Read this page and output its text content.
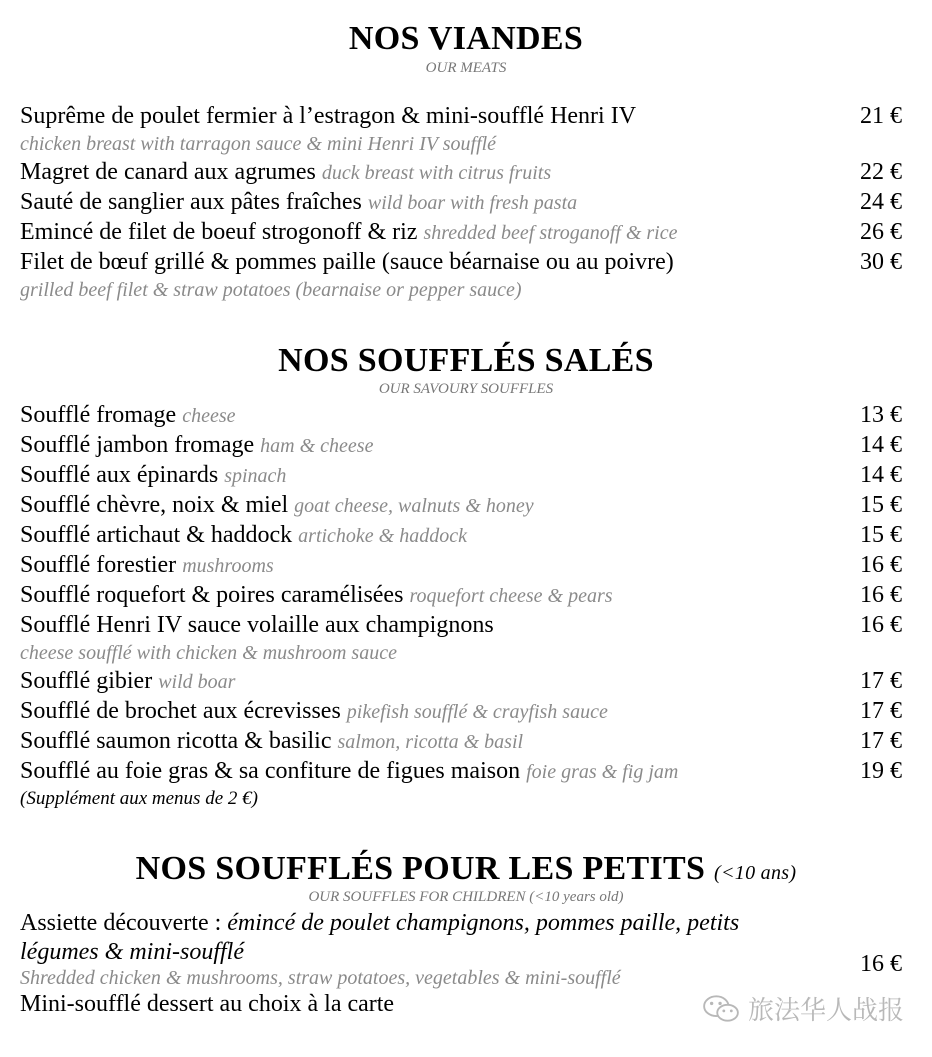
NOS VIANDES
OUR MEATS
Suprême de poulet fermier à l’estragon & mini-soufflé Henri IV	21 €
chicken breast with tarragon sauce & mini Henri IV soufflé
Magret de canard aux agrumes duck breast with citrus fruits	22 €
Sauté de sanglier aux pâtes fraîches wild boar with fresh pasta	24 €
Emincé de filet de boeuf strogonoff & riz shredded beef stroganoff & rice	26 €
Filet de bœuf grillé & pommes paille (sauce béarnaise ou au poivre)	30 €
grilled beef filet & straw potatoes (bearnaise or pepper sauce)
NOS SOUFFLÉS SALÉS
OUR SAVOURY SOUFFLES
Soufflé fromage cheese	13 €
Soufflé jambon fromage ham & cheese	14 €
Soufflé aux épinards spinach	14 €
Soufflé chèvre, noix & miel goat cheese, walnuts & honey	15 €
Soufflé artichaut & haddock artichoke & haddock	15 €
Soufflé forestier mushrooms	16 €
Soufflé roquefort & poires caramélisées roquefort cheese & pears	16 €
Soufflé Henri IV sauce volaille aux champignons	16 €
cheese soufflé with chicken & mushroom sauce
Soufflé gibier wild boar	17 €
Soufflé de brochet aux écrevisses pikefish soufflé & crayfish sauce	17 €
Soufflé saumon ricotta & basilic salmon, ricotta & basil	17 €
Soufflé au foie gras & sa confiture de figues maison foie gras & fig jam	19 €
(Supplément aux menus de 2 €)
NOS SOUFFLÉS POUR LES PETITS (<10 ans)
OUR SOUFFLES FOR CHILDREN (<10 years old)
Assiette découverte : émincé de poulet champignons, pommes paille, petits
légumes & mini-soufflé
Shredded chicken & mushrooms, straw potatoes, vegetables & mini-soufflé
16 €
Mini-soufflé dessert au choix à la carte	旅法华人战报
